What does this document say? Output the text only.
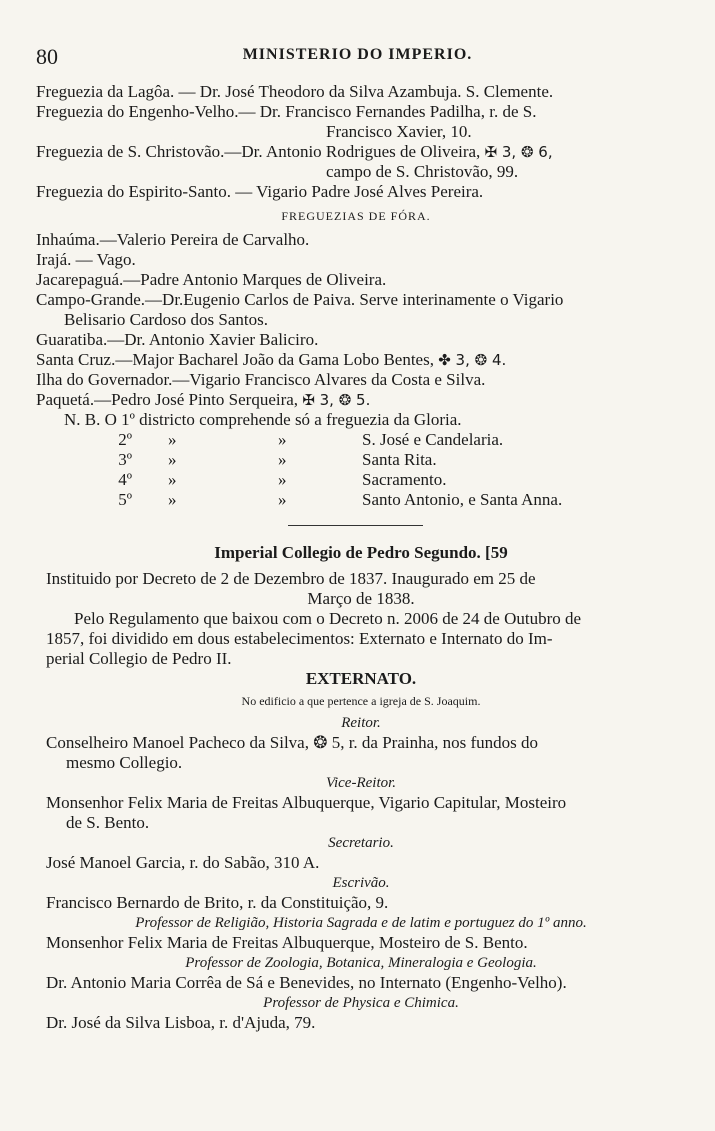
80	MINISTERIO DO IMPERIO.
Freguezia da Lagôa. — Dr. José Theodoro da Silva Azambuja. S. Clemente.
Freguezia do Engenho-Velho.— Dr. Francisco Fernandes Padilha, r. de S.
Francisco Xavier, 10.
Freguezia de S. Christovão.—Dr. Antonio Rodrigues de Oliveira, ✠ 3, ❂ 6,
campo de S. Christovão, 99.
Freguezia do Espirito-Santo. — Vigario Padre José Alves Pereira.
FREGUEZIAS DE FÓRA.
Inhaúma.—Valerio Pereira de Carvalho.
Irajá. — Vago.
Jacarepaguá.—Padre Antonio Marques de Oliveira.
Campo-Grande.—Dr.Eugenio Carlos de Paiva. Serve interinamente o Vigario
Belisario Cardoso dos Santos.
Guaratiba.—Dr. Antonio Xavier Baliciro.
Santa Cruz.—Major Bacharel João da Gama Lobo Bentes, ✤ 3, ❂ 4.
Ilha do Governador.—Vigario Francisco Alvares da Costa e Silva.
Paquetá.—Pedro José Pinto Serqueira, ✠ 3, ❂ 5.
N. B. O 1º districto comprehende só a freguezia da Gloria.
2º	»	»	S. José e Candelaria.
3º	»	»	Santa Rita.
4º	»	»	Sacramento.
5º	»	»	Santo Antonio, e Santa Anna.
Imperial Collegio de Pedro Segundo. [59
Instituido por Decreto de 2 de Dezembro de 1837. Inaugurado em 25 de
Março de 1838.
Pelo Regulamento que baixou com o Decreto n. 2006 de 24 de Outubro de
1857, foi dividido em dous estabelecimentos: Externato e Internato do Im-
perial Collegio de Pedro II.
EXTERNATO.
No edificio a que pertence a igreja de S. Joaquim.
Reitor.
Conselheiro Manoel Pacheco da Silva, ❂ 5, r. da Prainha, nos fundos do
mesmo Collegio.
Vice-Reitor.
Monsenhor Felix Maria de Freitas Albuquerque, Vigario Capitular, Mosteiro
de S. Bento.
Secretario.
José Manoel Garcia, r. do Sabão, 310 A.
Escrivão.
Francisco Bernardo de Brito, r. da Constituição, 9.
Professor de Religião, Historia Sagrada e de latim e portuguez do 1º anno.
Monsenhor Felix Maria de Freitas Albuquerque, Mosteiro de S. Bento.
Professor de Zoologia, Botanica, Mineralogia e Geologia.
Dr. Antonio Maria Corrêa de Sá e Benevides, no Internato (Engenho-Velho).
Professor de Physica e Chimica.
Dr. José da Silva Lisboa, r. d'Ajuda, 79.
